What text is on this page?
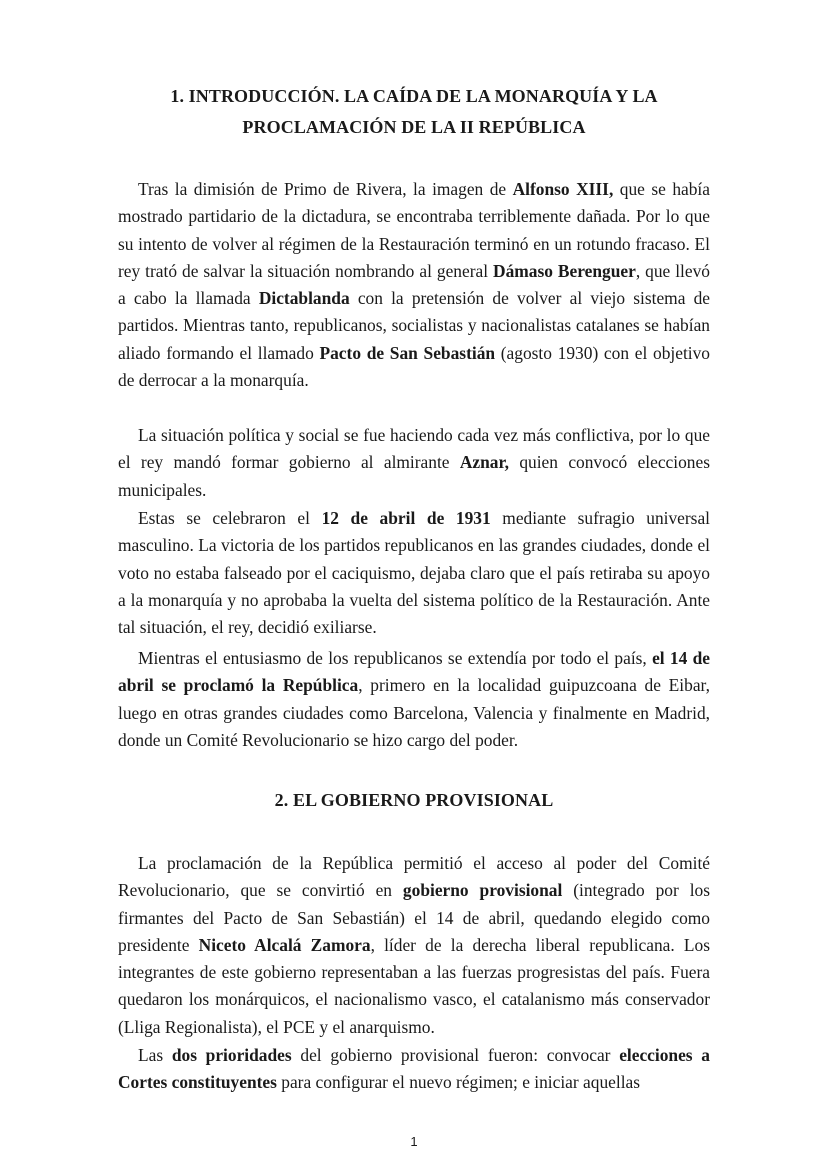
1. INTRODUCCIÓN. LA CAÍDA DE LA MONARQUÍA Y LA
PROCLAMACIÓN DE LA II REPÚBLICA

Tras la dimisión de Primo de Rivera, la imagen de Alfonso XIII, que se había mostrado partidario de la dictadura, se encontraba terriblemente dañada. Por lo que su intento de volver al régimen de la Restauración terminó en un rotundo fracaso. El rey trató de salvar la situación nombrando al general Dámaso Berenguer, que llevó a cabo la llamada Dictablanda con la pretensión de volver al viejo sistema de partidos. Mientras tanto, republicanos, socialistas y nacionalistas catalanes se habían aliado formando el llamado Pacto de San Sebastián (agosto 1930) con el objetivo de derrocar a la monarquía.

La situación política y social se fue haciendo cada vez más conflictiva, por lo que el rey mandó formar gobierno al almirante Aznar, quien convocó elecciones municipales.

Estas se celebraron el 12 de abril de 1931 mediante sufragio universal masculino. La victoria de los partidos republicanos en las grandes ciudades, donde el voto no estaba falseado por el caciquismo, dejaba claro que el país retiraba su apoyo a la monarquía y no aprobaba la vuelta del sistema político de la Restauración. Ante tal situación, el rey, decidió exiliarse.

Mientras el entusiasmo de los republicanos se extendía por todo el país, el 14 de abril se proclamó la República, primero en la localidad guipuzcoana de Eibar, luego en otras grandes ciudades como Barcelona, Valencia y finalmente en Madrid, donde un Comité Revolucionario se hizo cargo del poder.

2. EL GOBIERNO PROVISIONAL

La proclamación de la República permitió el acceso al poder del Comité Revolucionario, que se convirtió en gobierno provisional (integrado por los firmantes del Pacto de San Sebastián) el 14 de abril, quedando elegido como presidente Niceto Alcalá Zamora, líder de la derecha liberal republicana. Los integrantes de este gobierno representaban a las fuerzas progresistas del país. Fuera quedaron los monárquicos, el nacionalismo vasco, el catalanismo más conservador (Lliga Regionalista), el PCE y el anarquismo.

Las dos prioridades del gobierno provisional fueron: convocar elecciones a Cortes constituyentes para configurar el nuevo régimen; e iniciar aquellas

1
